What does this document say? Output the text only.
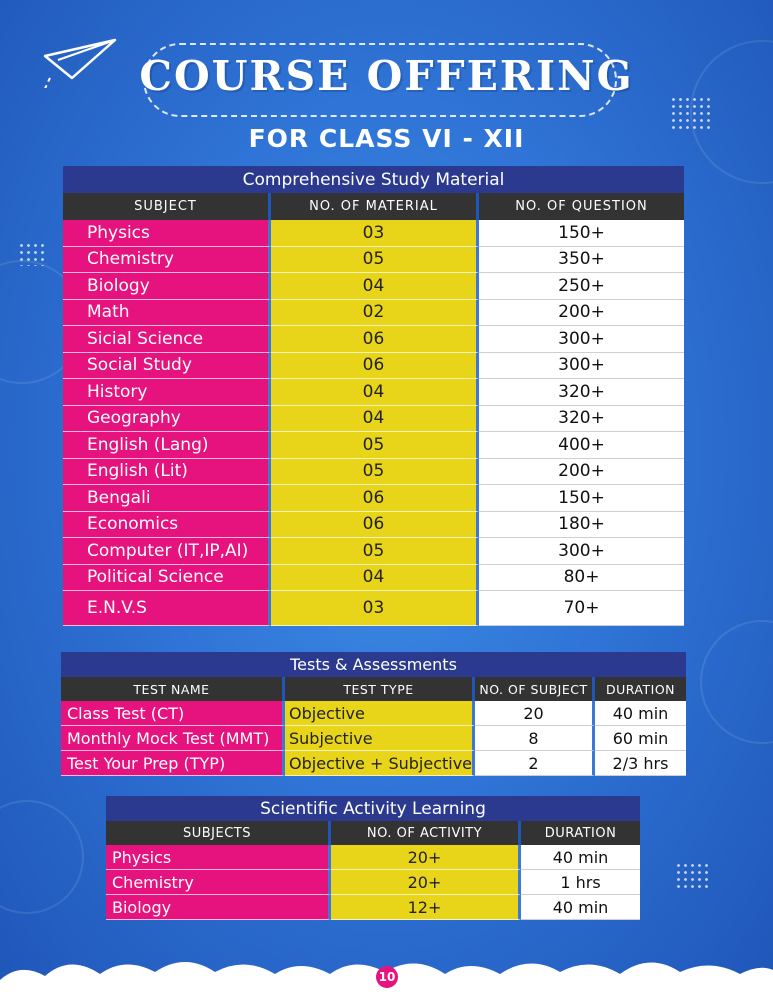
COURSE OFFERING
FOR CLASS VI - XII
Comprehensive Study Material		
SUBJECT	NO. OF MATERIAL	NO. OF QUESTION
Physics	03	150+
Chemistry	05	350+
Biology	04	250+
Math	02	200+
Sicial Science	06	300+
Social Study	06	300+
History	04	320+
Geography	04	320+
English (Lang)	05	400+
English (Lit)	05	200+
Bengali	06	150+
Economics	06	180+
Computer (IT,IP,AI)	05	300+
Political Science	04	80+
E.N.V.S	03	70+
Tests & Assessments			
TEST NAME	TEST TYPE	NO. OF SUBJECT	DURATION
Class Test (CT)	Objective	20	40 min
Monthly Mock Test (MMT)	Subjective	8	60 min
Test Your Prep (TYP)	Objective + Subjective	2	2/3 hrs
Scientific Activity Learning		
SUBJECTS	NO. OF ACTIVITY	DURATION
Physics	20+	40 min
Chemistry	20+	1 hrs
Biology	12+	40 min
10
